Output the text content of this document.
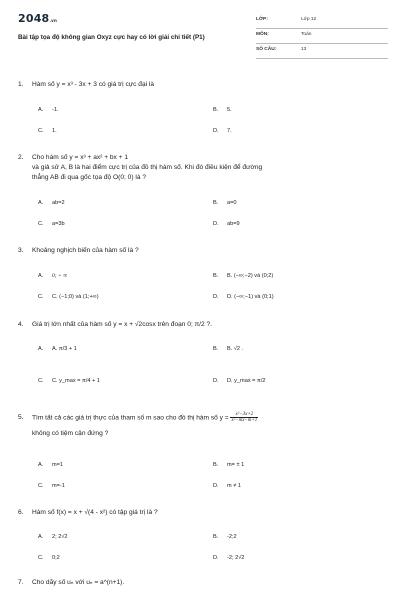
2048.vn
Bài tập tọa độ không gian Oxyz cực hay có lời giải chi tiết (P1)
LỚP:	Lớp 12
MÔN:	Toán
SỐ CÂU:	13
1. Hàm số y = x³ - 3x + 3 có giá trị cực đại là
A. -1.	B. 5.
C. 1.	D. 7.
2. Cho hàm số y = x³ + ax² + bx + 1
và giả sử A, B là hai điểm cực trị của đồ thị hàm số. Khi đó điều kiện để đường
thẳng AB đi qua gốc tọa độ O(0; 0) là ?
A. ab=2	B. a=0
C. a=3b	D. ab=9
3. Khoảng nghịch biến của hàm số là ?
A. 0; + ∞	B. B. (−∞;−2) và (0;2)
C. C. (−1;0) và (1;+∞)	D. D. (−∞;−1) và (0;1)
4. Giá trị lớn nhất của hàm số y = x + √2cosx trên đoạn 0; π/2 ?.
A. A. π/3 + 1	B. B. √2 .
C. C. y_max = π/4 + 1	D. D. y_max = π/2
5. Tìm tất cả các giá trị thực của tham số m sao cho đồ thị hàm số $y = \frac{\text{x²−3x+2}}{\text{x²−mx−m+1}}$
không có tiệm cận đứng ?
A. m=1	B. m= ± 1
C. m=-1	D. m ≠ 1
6. Hàm số f(x) = x + √(4 - x²) có tập giá trị là ?
A. 2; 2√2	B. -2;2
C. 0;2	D. -2; 2√2
7. Cho dãy số uₙ với uₙ = a^(n+1).
